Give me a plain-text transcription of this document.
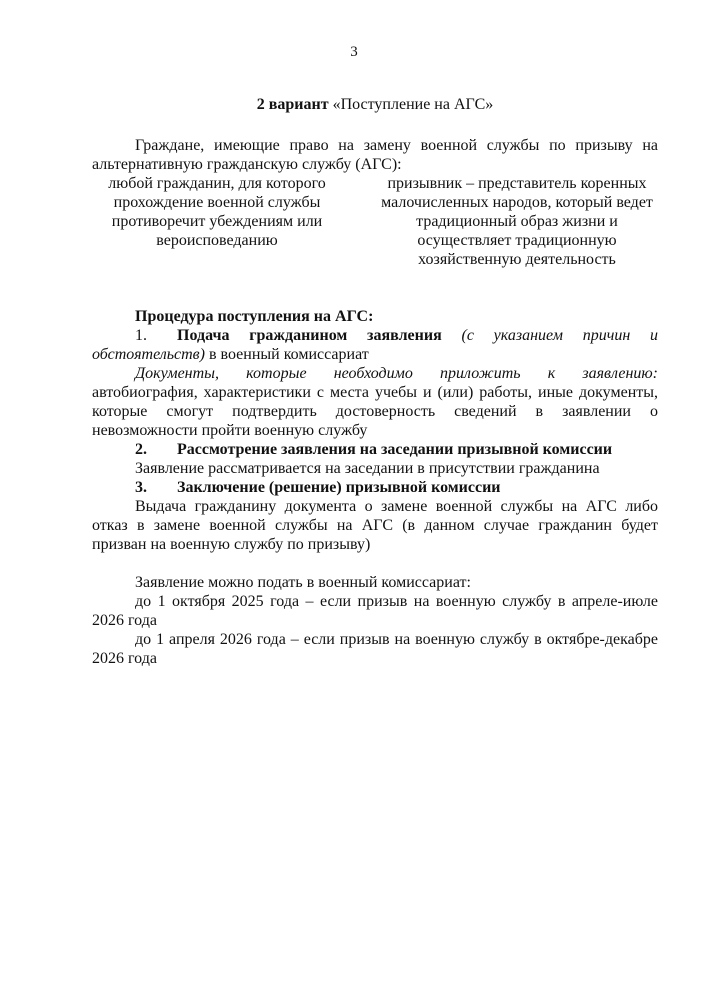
3
2 вариант «Поступление на АГС»

Граждане, имеющие право на замену военной службы по призыву на альтернативную гражданскую службу (АГС):

любой гражданин, для которого прохождение военной службы противоречит убеждениям или вероисповеданию
призывник – представитель коренных малочисленных народов, который ведет традиционный образ жизни и осуществляет традиционную хозяйственную деятельность

Процедура поступления на АГС:

1. Подача гражданином заявления (с указанием причин и обстоятельств) в военный комиссариат

Документы, которые необходимо приложить к заявлению:

автобиография, характеристики с места учебы и (или) работы, иные документы, которые смогут подтвердить достоверность сведений в заявлении о невозможности пройти военную службу

2. Рассмотрение заявления на заседании призывной комиссии

Заявление рассматривается на заседании в присутствии гражданина

3. Заключение (решение) призывной комиссии

Выдача гражданину документа о замене военной службы на АГС либо отказ в замене военной службы на АГС (в данном случае гражданин будет призван на военную службу по призыву)

Заявление можно подать в военный комиссариат:

до 1 октября 2025 года – если призыв на военную службу в апреле-июле 2026 года

до 1 апреля 2026 года – если призыв на военную службу в октябре-декабре 2026 года
